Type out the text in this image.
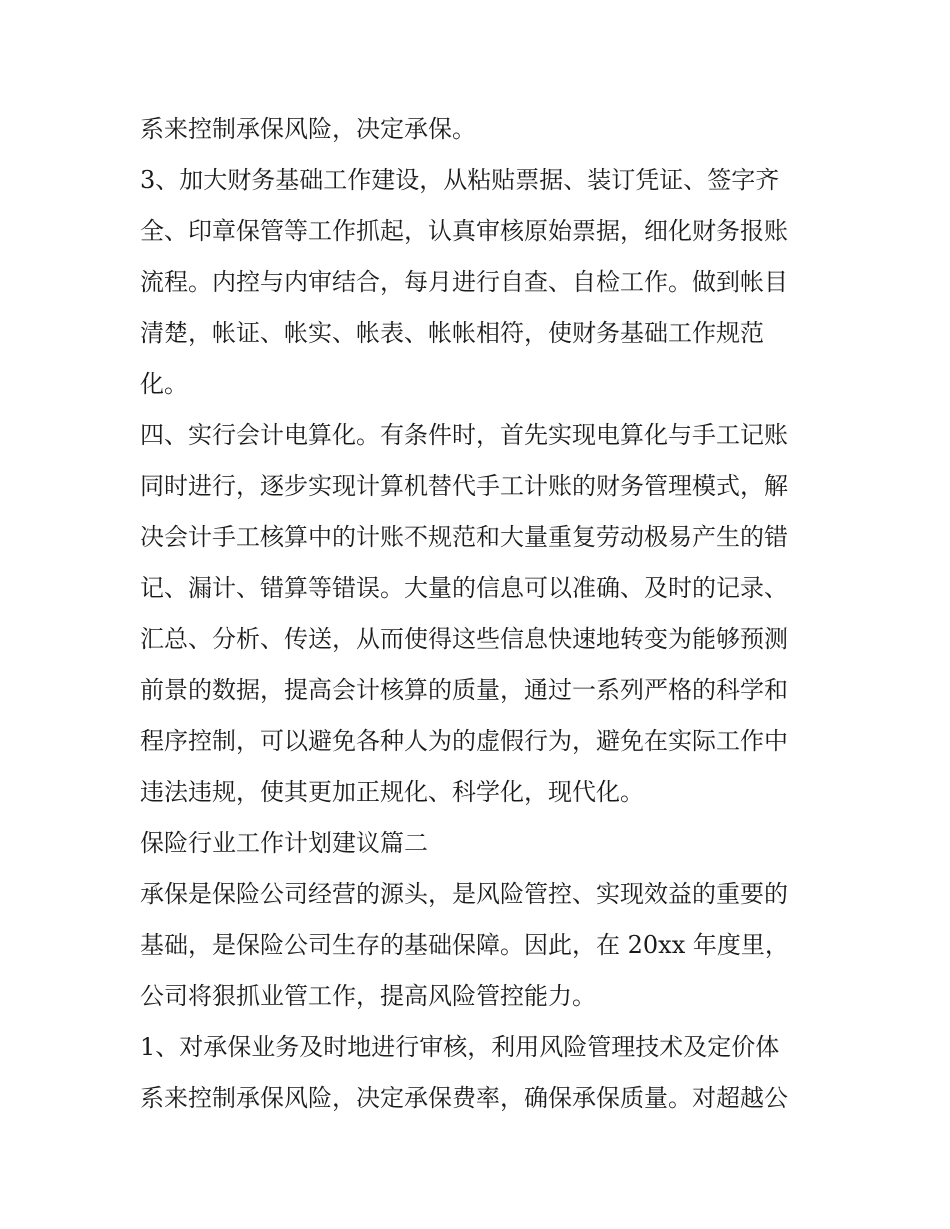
系来控制承保风险，决定承保。

3、加大财务基础工作建设，从粘贴票据、装订凭证、签字齐

全、印章保管等工作抓起，认真审核原始票据，细化财务报账

流程。内控与内审结合，每月进行自查、自检工作。做到帐目

清楚，帐证、帐实、帐表、帐帐相符，使财务基础工作规范

化。

四、实行会计电算化。有条件时，首先实现电算化与手工记账

同时进行，逐步实现计算机替代手工计账的财务管理模式，解

决会计手工核算中的计账不规范和大量重复劳动极易产生的错

记、漏计、错算等错误。大量的信息可以准确、及时的记录、

汇总、分析、传送，从而使得这些信息快速地转变为能够预测

前景的数据，提高会计核算的质量，通过一系列严格的科学和

程序控制，可以避免各种人为的虚假行为，避免在实际工作中

违法违规，使其更加正规化、科学化，现代化。

保险行业工作计划建议篇二

承保是保险公司经营的源头，是风险管控、实现效益的重要的

基础，是保险公司生存的基础保障。因此，在 20xx 年度里，

公司将狠抓业管工作，提高风险管控能力。

1、对承保业务及时地进行审核，利用风险管理技术及定价体

系来控制承保风险，决定承保费率，确保承保质量。对超越公
